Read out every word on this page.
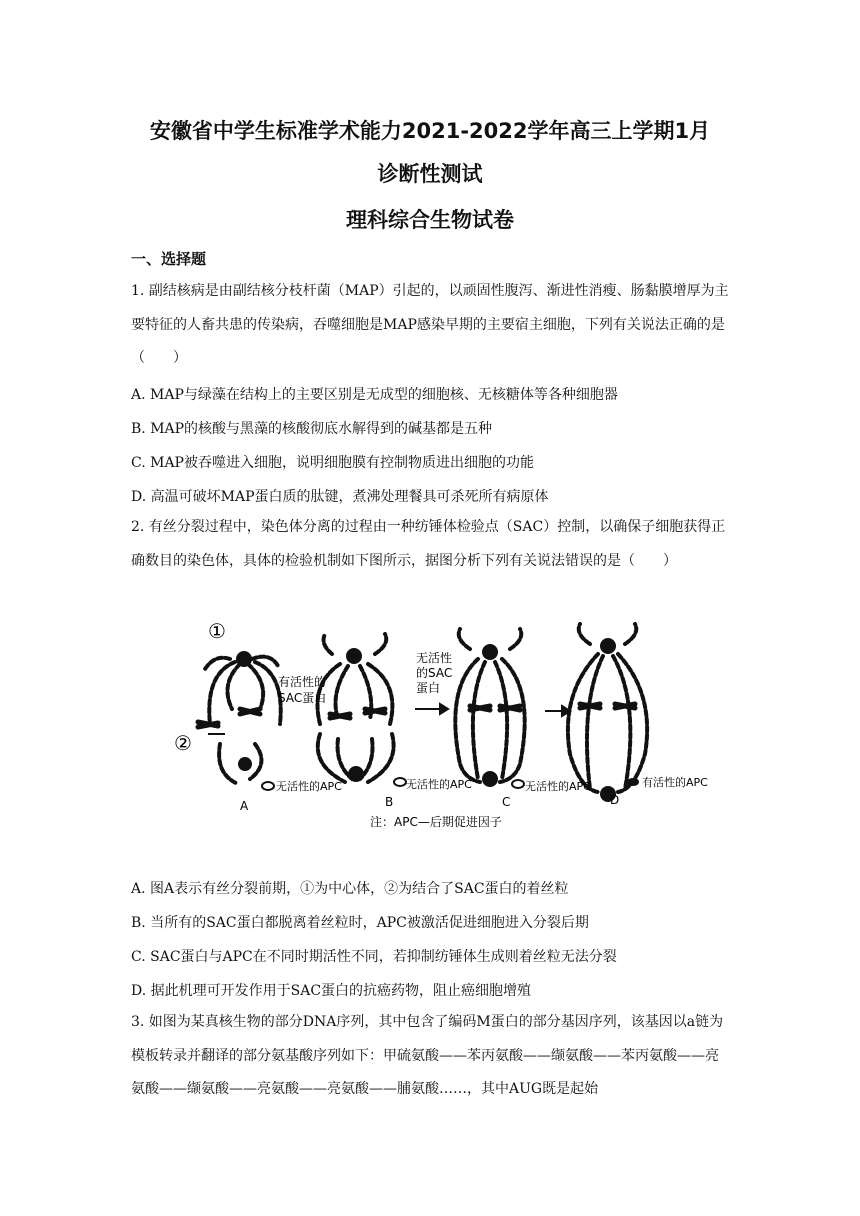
安徽省中学生标准学术能力2021-2022学年高三上学期1月
诊断性测试
理科综合生物试卷
一、选择题
1. 副结核病是由副结核分枝杆菌（MAP）引起的，以顽固性腹泻、渐进性消瘦、肠黏膜增厚为主要特征的人畜共患的传染病，吞噬细胞是MAP感染早期的主要宿主细胞，下列有关说法正确的是（　　）
A. MAP与绿藻在结构上的主要区别是无成型的细胞核、无核糖体等各种细胞器
B. MAP的核酸与黑藻的核酸彻底水解得到的碱基都是五种
C. MAP被吞噬进入细胞，说明细胞膜有控制物质进出细胞的功能
D. 高温可破坏MAP蛋白质的肽键，煮沸处理餐具可杀死所有病原体
2. 有丝分裂过程中，染色体分离的过程由一种纺锤体检验点（SAC）控制，以确保子细胞获得正确数目的染色体，具体的检验机制如下图所示，据图分析下列有关说法错误的是（　　）
①
②
有活性的
SAC蛋白
无活性
的SAC
蛋白
无活性的APC	无活性的APC	无活性的APC	有活性的APC
A	B	C	D
注：APC—后期促进因子
A. 图A表示有丝分裂前期，①为中心体，②为结合了SAC蛋白的着丝粒
B. 当所有的SAC蛋白都脱离着丝粒时，APC被激活促进细胞进入分裂后期
C. SAC蛋白与APC在不同时期活性不同，若抑制纺锤体生成则着丝粒无法分裂
D. 据此机理可开发作用于SAC蛋白的抗癌药物，阻止癌细胞增殖
3. 如图为某真核生物的部分DNA序列，其中包含了编码M蛋白的部分基因序列，该基因以a链为模板转录并翻译的部分氨基酸序列如下：甲硫氨酸——苯丙氨酸——缬氨酸——苯丙氨酸——亮氨酸——缬氨酸——亮氨酸——亮氨酸——脯氨酸……，其中AUG既是起始
